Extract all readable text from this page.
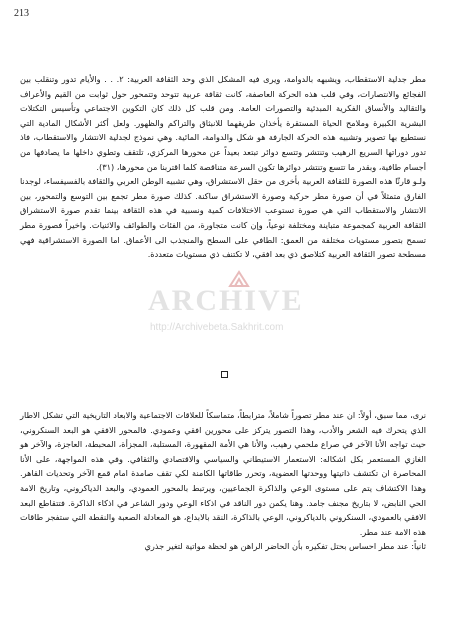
213

مطر جدلية الاستقطاب، ويشبهه بالدوامة، ويرى فيه المشكل الذي وحد الثقافة العربية: ٢. . . والأيام تدور وتنقلب بين الفجائع والانتصارات، وفي قلب هذه الحركة العاصفة، كانت ثقافة عربية تتوحد وتتمحور حول ثوابت من القيم والأعراف والتقاليد والأنساق الفكرية المبدئية والتصورات العامة. ومن قلب كل ذلك كان التكوين الاجتماعي وتأسيس التكتلات البشرية الكبيرة وملامح الحياة المستقرة يأخذان طريقهما للانبثاق والتراكم والظهور. ولعل أكثر الأشكال المادية التي نستطيع بها تصوير وتشبيه هذه الحركة الجارفة هو شكل والدوامة، المائية. وهي نموذج لجدلية الانتشار والاستقطاب، فاذ تدور دوراتها السريع الرهيب وتنتشر وتتسع دوائر تبتعد بعيداً عن محورها المركزي، تلتقف وتطوي داخلها ما يصادفها من أجسام طافية، وبقدر ما تتسع وتنتشر دوائرها تكون السرعة متناقصة كلما اقتربنا من محورها، (٣١).

ولـو قارنّا هذه الصورة للثقافة العربية بأخرى من حقل الاستشراق، وهي تشبيه الوطن العربي والثقافة بالفسيفساء، لوجدنا الفارق متمثلاً في أن صورة مطر حركية وصورة الاستشراق ساكنة. كذلك صورة مطر تجمع بين التوسع والتمحور، بين الانتشار والاستقطاب التي هي صورة تستوعب الاختلافات كمية ونسبية في هذه الثقافة بينما تقدم صورة الاستشراق الثقافة العربية كمجموعة متباينة ومختلفة نوعياً، وإن كانت متجاورة، من الفئات والطوائف والاثنيات. واخيراً فصورة مطر تسمح بتصور مستويات مختلفة من العمق: الطافي على السطح والمنجذب الى الأعماق. اما الصورة الاستشراقية فهي مسطحة تصور الثقافة العربية كتلاصق ذي بعد افقي، لا تكتنف ذي مستويات متعددة.

ARCHIVE
http://Archivebeta.Sakhrit.com

نرى، مما سبق، أولاً: ان عند مطر تصوراً شاملاً، مترابطاً، متماسكاً للعلاقات الاجتماعية والابعاد التاريخية التي تشكل الاطار الذي يتحرك فيه الشعر والأدب، وهذا التصور يتركز على محورين افقي وعمودي. فالمحور الافقي هو البعد السنكروني، حيث تواجه الأنا الآخر في صراع ملحمي رهيب، والأنا هي الأمة المقهورة، المستلبة، المجزأة، المحبطة، العاجزة، والآخر هو الغازي المستعمر بكل اشكاله: الاستعمار الاستيطاني والسياسي والاقتصادي والثقافي. وفي هذه المواجهة، على الأنا المحاصرة ان تكتشف ذاتيتها ووحدتها العضوية، وتحرر طاقاتها الكامنة لكي تقف صامدة امام قمع الآخر وتحديات القاهر. وهذا الاكتشاف يتم على مستوى الوعي والذاكرة الجماعيين، ويرتبط بالمحور العمودي، والبعد الدياكروني، وتاريخ الامة الحي النابض، لا بتاريخ مجنف جامد. وهنا يكمن دور الناقد في اذكاء الوعي ودور الشاعر في اذكاء الذاكرة. فتتقاطع البعد الافقي بالعمودي، السنكروني بالدياكروني، الوعي بالذاكرة، النقد بالابداع، هو المعادلة الصعبة والنقطة التي ستفجر طاقات هذه الامة عند مطر.

ثانياً: عند مطر احساس بحتل تفكيره بأن الحاضر الراهن هو لحظة مواتية لتغير جذري
